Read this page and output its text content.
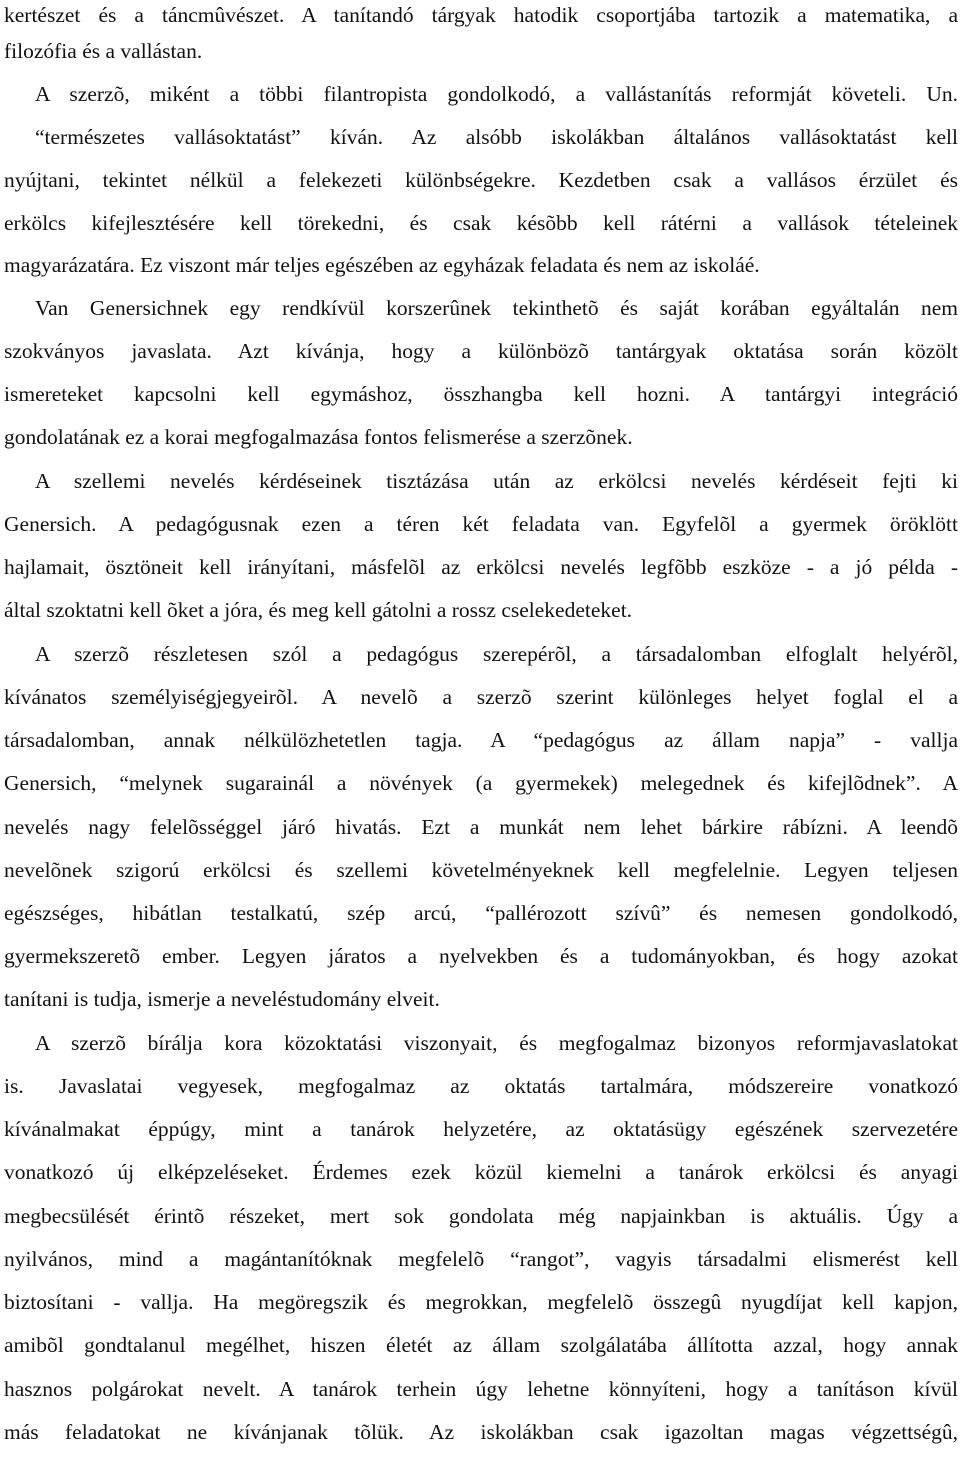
kertészet és a táncmûvészet. A tanítandó tárgyak hatodik csoportjába tartozik a matematika, a
filozófia és a vallástan.
A szerzõ, miként a többi filantropista gondolkodó, a vallástanítás reformját követeli. Un.
“természetes vallásoktatást” kíván. Az alsóbb iskolákban általános vallásoktatást kell
nyújtani, tekintet nélkül a felekezeti különbségekre. Kezdetben csak a vallásos érzület és
erkölcs kifejlesztésére kell törekedni, és csak késõbb kell rátérni a vallások tételeinek
magyarázatára. Ez viszont már teljes egészében az egyházak feladata és nem az iskoláé.
Van Genersichnek egy rendkívül korszerûnek tekinthetõ és saját korában egyáltalán nem
szokványos javaslata. Azt kívánja, hogy a különbözõ tantárgyak oktatása során közölt
ismereteket kapcsolni kell egymáshoz, összhangba kell hozni. A tantárgyi integráció
gondolatának ez a korai megfogalmazása fontos felismerése a szerzõnek.
A szellemi nevelés kérdéseinek tisztázása után az erkölcsi nevelés kérdéseit fejti ki
Genersich. A pedagógusnak ezen a téren két feladata van. Egyfelõl a gyermek öröklött
hajlamait, ösztöneit kell irányítani, másfelõl az erkölcsi nevelés legfõbb eszköze - a jó példa -
által szoktatni kell õket a jóra, és meg kell gátolni a rossz cselekedeteket.
A szerzõ részletesen szól a pedagógus szerepérõl, a társadalomban elfoglalt helyérõl,
kívánatos személyiségjegyeirõl. A nevelõ a szerzõ szerint különleges helyet foglal el a
társadalomban, annak nélkülözhetetlen tagja. A “pedagógus az állam napja” - vallja
Genersich, “melynek sugarainál a növények (a gyermekek) melegednek és kifejlõdnek”. A
nevelés nagy felelõsséggel járó hivatás. Ezt a munkát nem lehet bárkire rábízni. A leendõ
nevelõnek szigorú erkölcsi és szellemi követelményeknek kell megfelelnie. Legyen teljesen
egészséges, hibátlan testalkatú, szép arcú, “pallérozott szívû” és nemesen gondolkodó,
gyermekszeretõ ember. Legyen járatos a nyelvekben és a tudományokban, és hogy azokat
tanítani is tudja, ismerje a neveléstudomány elveit.
A szerzõ bírálja kora közoktatási viszonyait, és megfogalmaz bizonyos reformjavaslatokat
is. Javaslatai vegyesek, megfogalmaz az oktatás tartalmára, módszereire vonatkozó
kívánalmakat éppúgy, mint a tanárok helyzetére, az oktatásügy egészének szervezetére
vonatkozó új elképzeléseket. Érdemes ezek közül kiemelni a tanárok erkölcsi és anyagi
megbecsülését érintõ részeket, mert sok gondolata még napjainkban is aktuális. Úgy a
nyilvános, mind a magántanítóknak megfelelõ “rangot”, vagyis társadalmi elismerést kell
biztosítani - vallja. Ha megöregszik és megrokkan, megfelelõ összegû nyugdíjat kell kapjon,
amibõl gondtalanul megélhet, hiszen életét az állam szolgálatába állította azzal, hogy annak
hasznos polgárokat nevelt. A tanárok terhein úgy lehetne könnyíteni, hogy a tanításon kívül
más feladatokat ne kívánjanak tõlük. Az iskolákban csak igazoltan magas végzettségû,
